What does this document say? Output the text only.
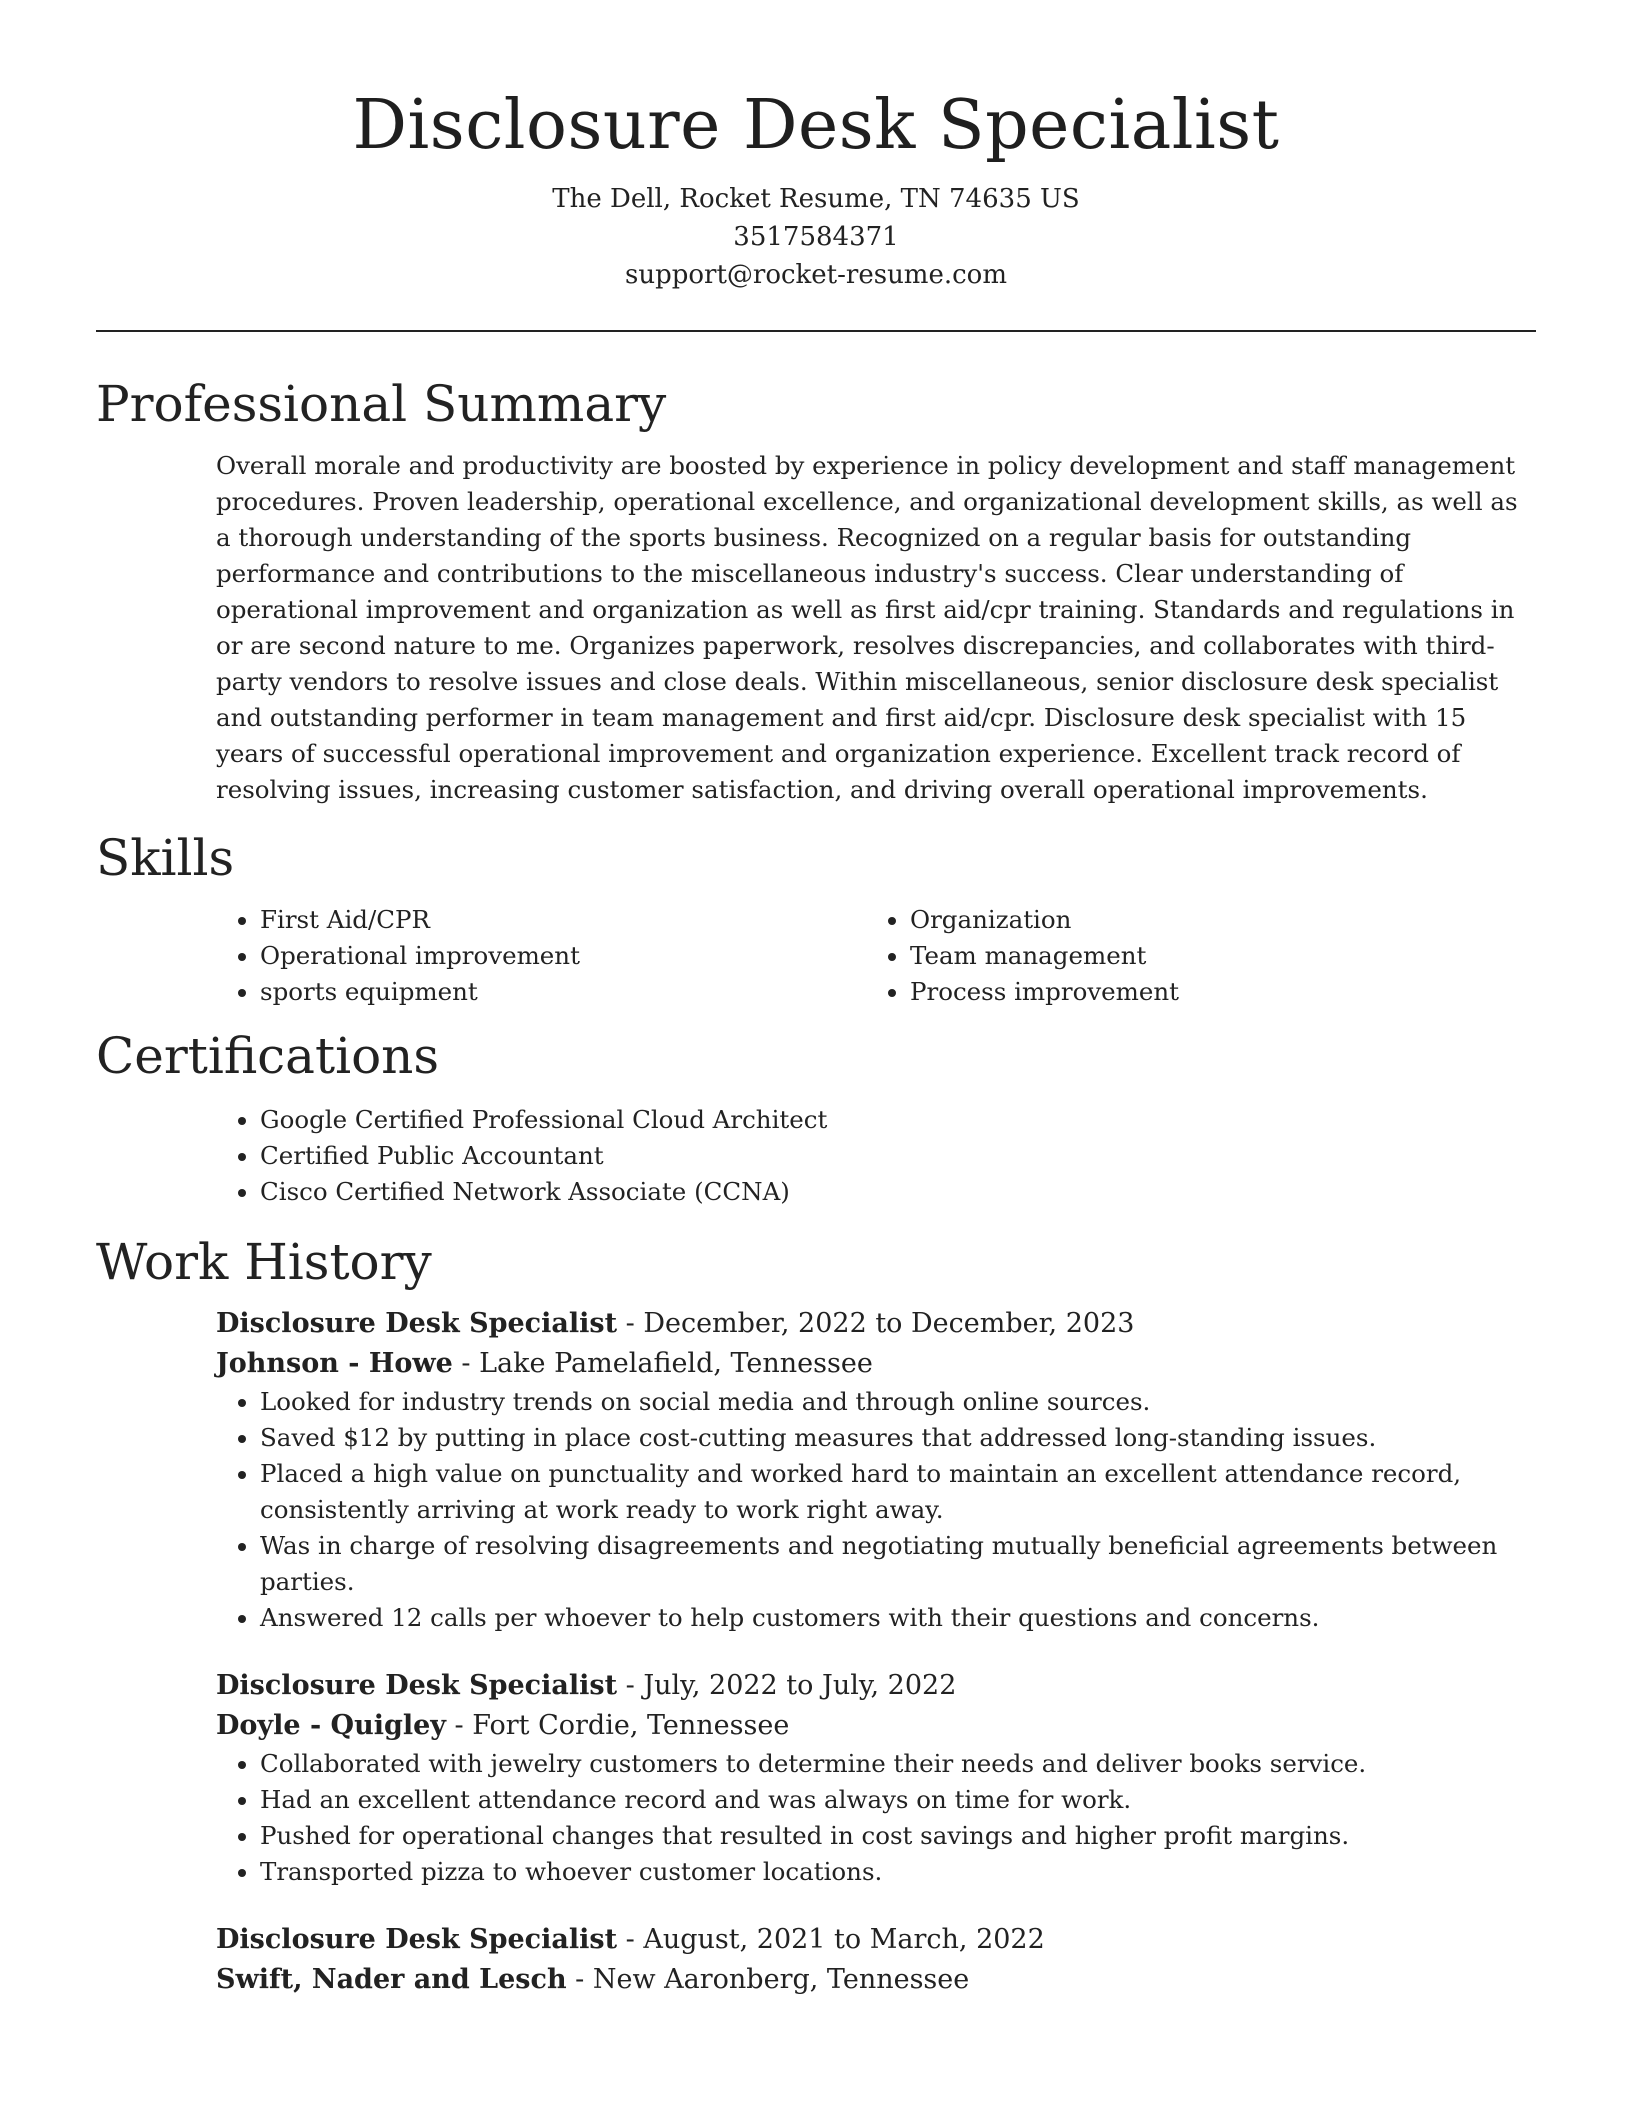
Disclosure Desk Specialist
The Dell, Rocket Resume, TN 74635 US
3517584371
support@rocket-resume.com
Professional Summary

Overall morale and productivity are boosted by experience in policy development and staff management procedures. Proven leadership, operational excellence, and organizational development skills, as well as a thorough understanding of the sports business. Recognized on a regular basis for outstanding performance and contributions to the miscellaneous industry's success. Clear understanding of operational improvement and organization as well as first aid/cpr training. Standards and regulations in or are second nature to me. Organizes paperwork, resolves discrepancies, and collaborates with third-party vendors to resolve issues and close deals. Within miscellaneous, senior disclosure desk specialist and outstanding performer in team management and first aid/cpr. Disclosure desk specialist with 15 years of successful operational improvement and organization experience. Excellent track record of resolving issues, increasing customer satisfaction, and driving overall operational improvements.

Skills
• First Aid/CPR
• Operational improvement
• sports equipment
• Organization
• Team management
• Process improvement
Certifications
• Google Certified Professional Cloud Architect
• Certified Public Accountant
• Cisco Certified Network Associate (CCNA)
Work History
Disclosure Desk Specialist - December, 2022 to December, 2023
Johnson - Howe - Lake Pamelafield, Tennessee
• Looked for industry trends on social media and through online sources.
• Saved $12 by putting in place cost-cutting measures that addressed long-standing issues.
• Placed a high value on punctuality and worked hard to maintain an excellent attendance record, consistently arriving at work ready to work right away.
• Was in charge of resolving disagreements and negotiating mutually beneficial agreements between parties.
• Answered 12 calls per whoever to help customers with their questions and concerns.
Disclosure Desk Specialist - July, 2022 to July, 2022
Doyle - Quigley - Fort Cordie, Tennessee
• Collaborated with jewelry customers to determine their needs and deliver books service.
• Had an excellent attendance record and was always on time for work.
• Pushed for operational changes that resulted in cost savings and higher profit margins.
• Transported pizza to whoever customer locations.
Disclosure Desk Specialist - August, 2021 to March, 2022
Swift, Nader and Lesch - New Aaronberg, Tennessee
